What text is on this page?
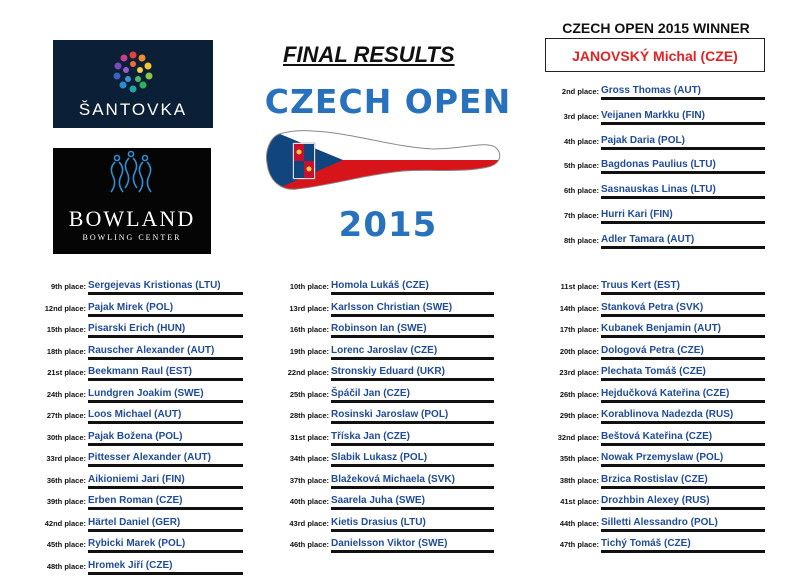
ŠANTOVKA
BOWLAND
BOWLING CENTER
FINAL RESULTS
CZECH OPEN
2015
CZECH OPEN 2015 WINNER
JANOVSKÝ Michal (CZE)
2nd place: Gross Thomas (AUT)
3rd place: Veijanen Markku (FIN)
4th place: Pajak Daria (POL)
5th place: Bagdonas Paulius (LTU)
6th place: Sasnauskas Linas (LTU)
7th place: Hurri Kari (FIN)
8th place: Adler Tamara (AUT)
9th place: Sergejevas Kristionas (LTU)
12nd place: Pajak Mirek (POL)
15th place: Pisarski Erich (HUN)
18th place: Rauscher Alexander (AUT)
21st place: Beekmann Raul (EST)
24th place: Lundgren Joakim (SWE)
27th place: Loos Michael (AUT)
30th place: Pajak Božena (POL)
33rd place: Pittesser Alexander (AUT)
36th place: Aikioniemi Jari (FIN)
39th place: Erben Roman (CZE)
42nd place: Härtel Daniel (GER)
45th place: Rybicki Marek (POL)
48th place: Hromek Jiří (CZE)
10th place: Homola Lukáš (CZE)
13rd place: Karlsson Christian (SWE)
16th place: Robinson Ian (SWE)
19th place: Lorenc Jaroslav (CZE)
22nd place: Stronskiy Eduard (UKR)
25th place: Špáčil Jan (CZE)
28th place: Rosinski Jaroslaw (POL)
31st place: Tříska Jan (CZE)
34th place: Slabik Lukasz (POL)
37th place: Blažeková Michaela (SVK)
40th place: Saarela Juha (SWE)
43rd place: Kietis Drasius (LTU)
46th place: Danielsson Viktor (SWE)
11st place: Truus Kert (EST)
14th place: Stanková Petra (SVK)
17th place: Kubanek Benjamin (AUT)
20th place: Dologová Petra (CZE)
23rd place: Plechata Tomáš (CZE)
26th place: Hejdučková Kateřina (CZE)
29th place: Korablinova Nadezda (RUS)
32nd place: Beštová Kateřina (CZE)
35th place: Nowak Przemyslaw (POL)
38th place: Brzica Rostislav (CZE)
41st place: Drozhbin Alexey (RUS)
44th place: Silletti Alessandro (POL)
47th place: Tichý Tomáš (CZE)
